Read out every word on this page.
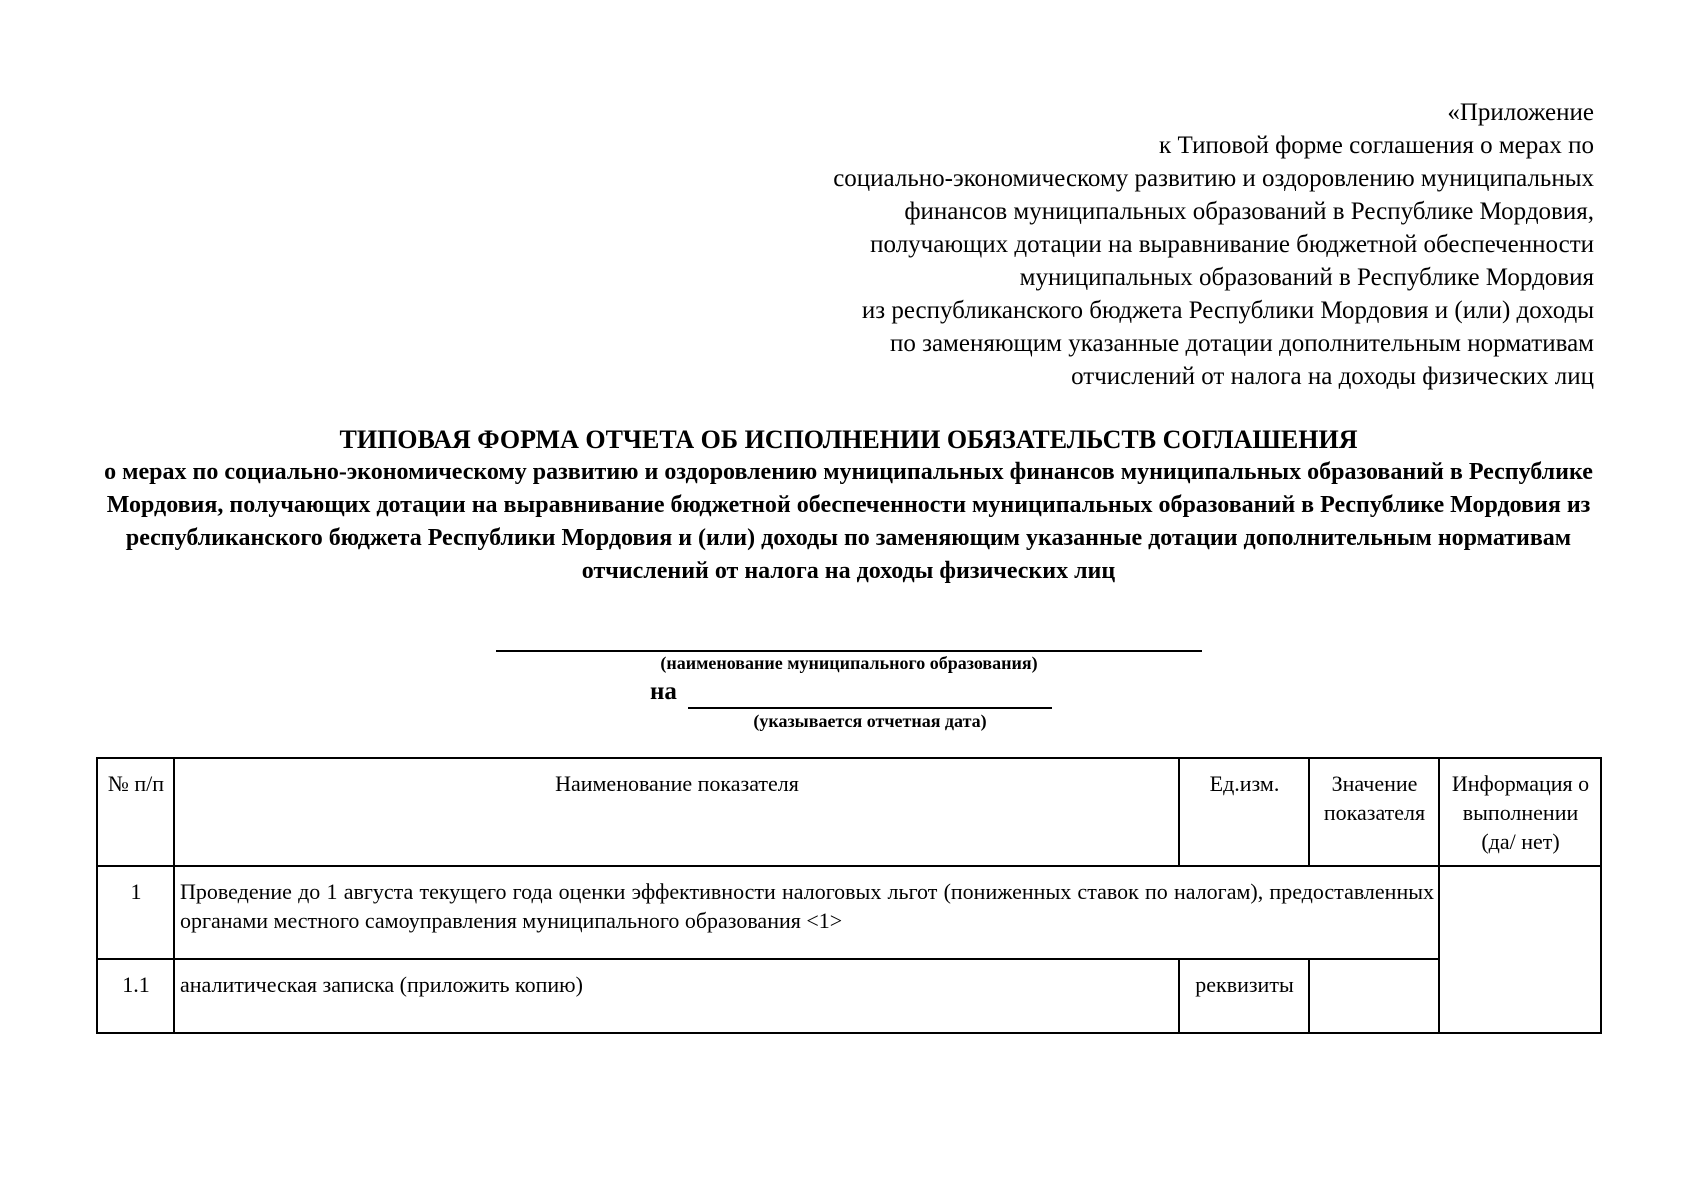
«Приложение
к Типовой форме соглашения о мерах по
социально-экономическому развитию и оздоровлению муниципальных
финансов муниципальных образований в Республике Мордовия,
получающих дотации на выравнивание бюджетной обеспеченности
муниципальных образований в Республике Мордовия
из республиканского бюджета Республики Мордовия и (или) доходы
по заменяющим указанные дотации дополнительным нормативам
отчислений от налога на доходы физических лиц
ТИПОВАЯ ФОРМА ОТЧЕТА ОБ ИСПОЛНЕНИИ ОБЯЗАТЕЛЬСТВ СОГЛАШЕНИЯ
о мерах по социально-экономическому развитию и оздоровлению муниципальных финансов муниципальных образований в Республике Мордовия, получающих дотации на выравнивание бюджетной обеспеченности муниципальных образований в Республике Мордовия из республиканского бюджета Республики Мордовия и (или) доходы по заменяющим указанные дотации дополнительным нормативам отчислений от налога на доходы физических лиц
(наименование муниципального образования)
на
(указывается отчетная дата)
№ п/п	Наименование показателя	Ед.изм.	Значение показателя	Информация о выполнении (да/ нет)
1	Проведение до 1 августа текущего года оценки эффективности налоговых льгот (пониженных ставок по налогам), предоставленных органами местного самоуправления муниципального образования <1>			
1.1	аналитическая записка (приложить копию)	реквизиты		
